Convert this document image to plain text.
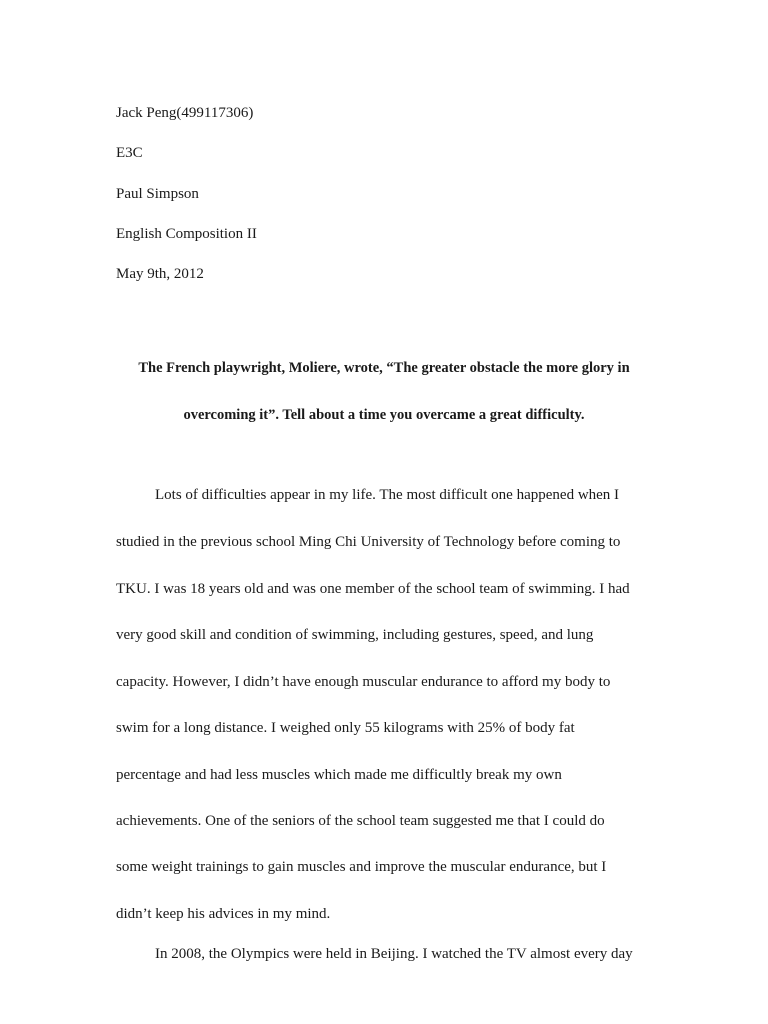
Jack Peng(499117306)
E3C
Paul Simpson
English Composition II
May 9th, 2012
The French playwright, Moliere, wrote, “The greater obstacle the more glory in
overcoming it”. Tell about a time you overcame a great difficulty.
Lots of difficulties appear in my life. The most difficult one happened when I
studied in the previous school Ming Chi University of Technology before coming to
TKU. I was 18 years old and was one member of the school team of swimming. I had
very good skill and condition of swimming, including gestures, speed, and lung
capacity. However, I didn’t have enough muscular endurance to afford my body to
swim for a long distance. I weighed only 55 kilograms with 25% of body fat
percentage and had less muscles which made me difficultly break my own
achievements. One of the seniors of the school team suggested me that I could do
some weight trainings to gain muscles and improve the muscular endurance, but I
didn’t keep his advices in my mind.
In 2008, the Olympics were held in Beijing. I watched the TV almost every day
